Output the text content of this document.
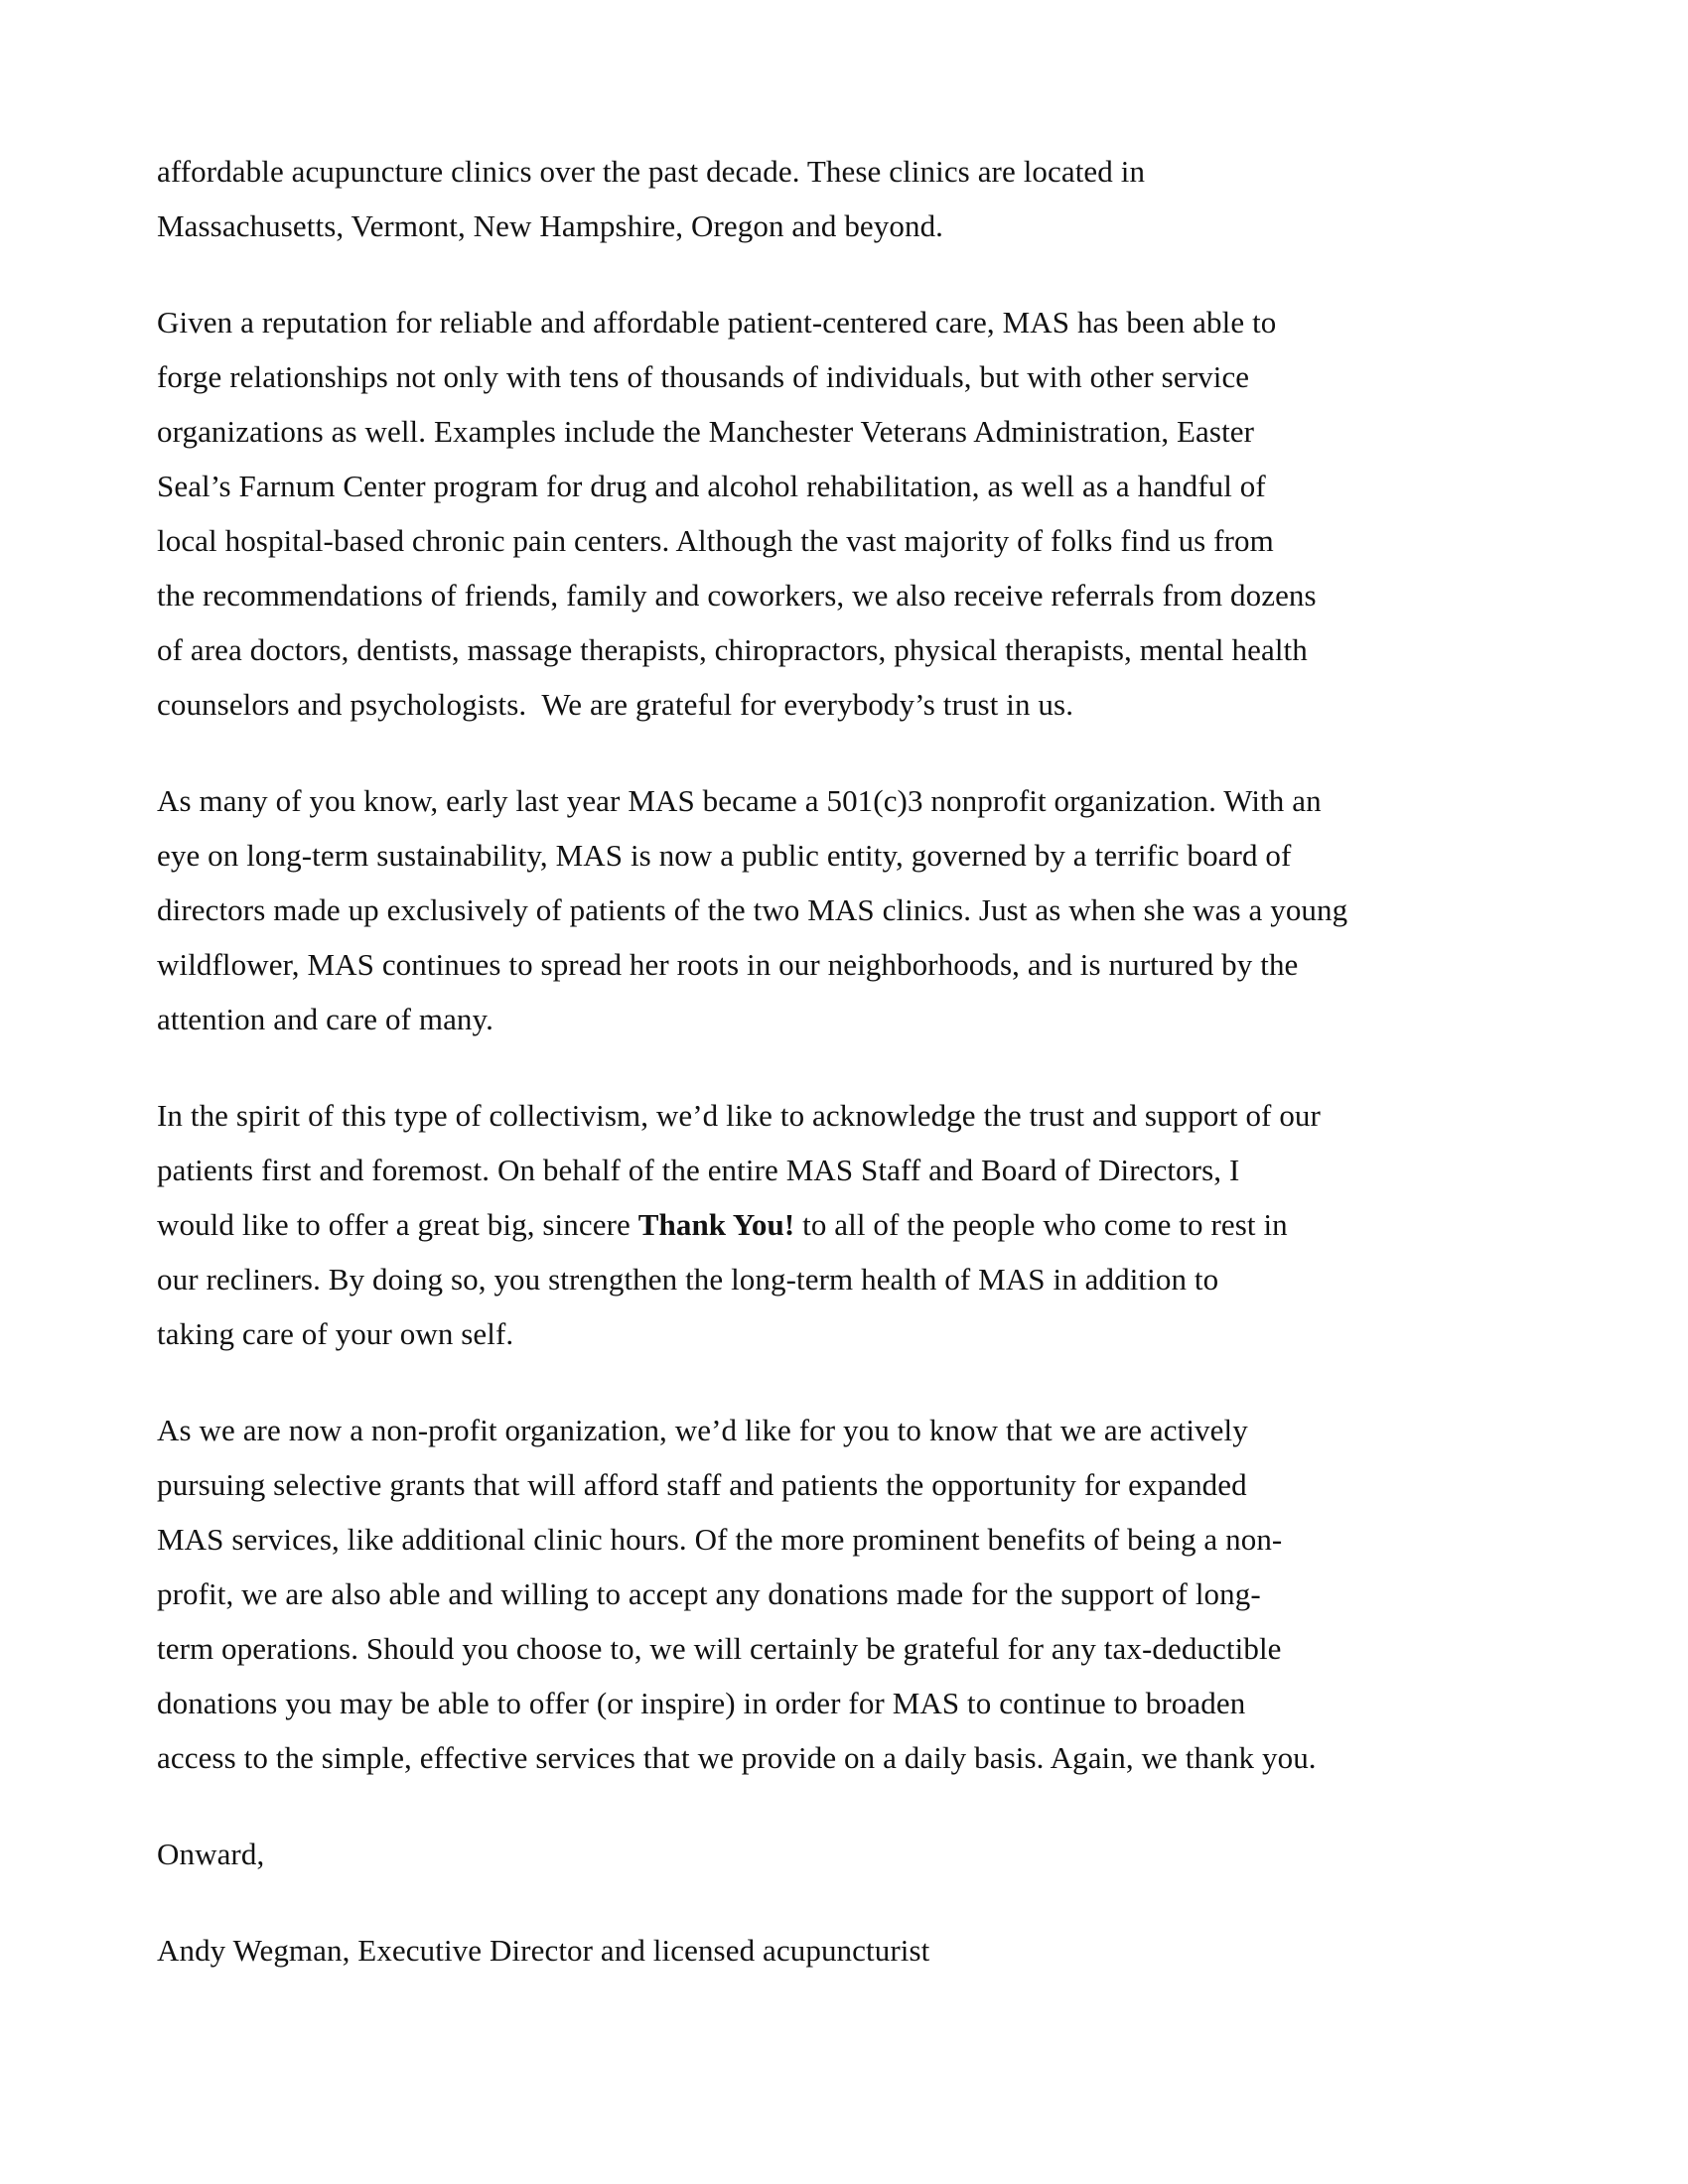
affordable acupuncture clinics over the past decade. These clinics are located in
Massachusetts, Vermont, New Hampshire, Oregon and beyond.

Given a reputation for reliable and affordable patient-centered care, MAS has been able to
forge relationships not only with tens of thousands of individuals, but with other service
organizations as well. Examples include the Manchester Veterans Administration, Easter
Seal’s Farnum Center program for drug and alcohol rehabilitation, as well as a handful of
local hospital-based chronic pain centers. Although the vast majority of folks find us from
the recommendations of friends, family and coworkers, we also receive referrals from dozens
of area doctors, dentists, massage therapists, chiropractors, physical therapists, mental health
counselors and psychologists.  We are grateful for everybody’s trust in us.

As many of you know, early last year MAS became a 501(c)3 nonprofit organization. With an
eye on long-term sustainability, MAS is now a public entity, governed by a terrific board of
directors made up exclusively of patients of the two MAS clinics. Just as when she was a young
wildflower, MAS continues to spread her roots in our neighborhoods, and is nurtured by the
attention and care of many.

In the spirit of this type of collectivism, we’d like to acknowledge the trust and support of our
patients first and foremost. On behalf of the entire MAS Staff and Board of Directors, I
would like to offer a great big, sincere Thank You! to all of the people who come to rest in
our recliners. By doing so, you strengthen the long-term health of MAS in addition to
taking care of your own self.

As we are now a non-profit organization, we’d like for you to know that we are actively
pursuing selective grants that will afford staff and patients the opportunity for expanded
MAS services, like additional clinic hours. Of the more prominent benefits of being a non-
profit, we are also able and willing to accept any donations made for the support of long-
term operations. Should you choose to, we will certainly be grateful for any tax-deductible
donations you may be able to offer (or inspire) in order for MAS to continue to broaden
access to the simple, effective services that we provide on a daily basis. Again, we thank you.

Onward,

Andy Wegman, Executive Director and licensed acupuncturist
